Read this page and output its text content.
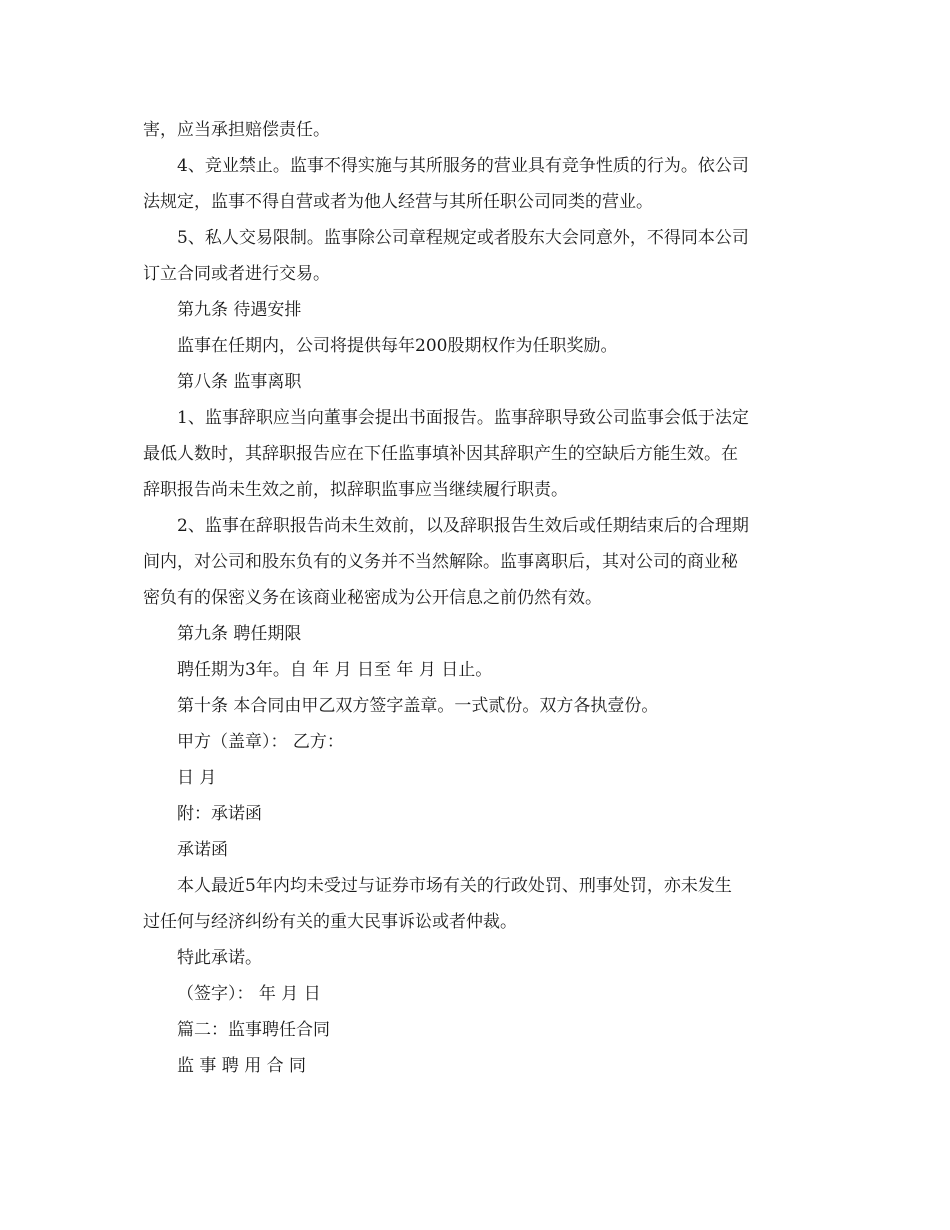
害，应当承担赔偿责任。
4、竞业禁止。监事不得实施与其所服务的营业具有竞争性质的行为。依公司
法规定，监事不得自营或者为他人经营与其所任职公司同类的营业。
5、私人交易限制。监事除公司章程规定或者股东大会同意外，不得同本公司
订立合同或者进行交易。
第九条 待遇安排
监事在任期内，公司将提供每年200股期权作为任职奖励。
第八条 监事离职
1、监事辞职应当向董事会提出书面报告。监事辞职导致公司监事会低于法定
最低人数时，其辞职报告应在下任监事填补因其辞职产生的空缺后方能生效。在
辞职报告尚未生效之前，拟辞职监事应当继续履行职责。
2、监事在辞职报告尚未生效前，以及辞职报告生效后或任期结束后的合理期
间内，对公司和股东负有的义务并不当然解除。监事离职后，其对公司的商业秘
密负有的保密义务在该商业秘密成为公开信息之前仍然有效。
第九条 聘任期限
聘任期为3年。自 年 月 日至 年 月 日止。
第十条 本合同由甲乙双方签字盖章。一式贰份。双方各执壹份。
甲方（盖章）： 乙方：
日 月
附：承诺函
承诺函
本人最近5年内均未受过与证券市场有关的行政处罚、刑事处罚，亦未发生
过任何与经济纠纷有关的重大民事诉讼或者仲裁。
特此承诺。
（签字）： 年 月 日
篇二：监事聘任合同
监 事 聘 用 合 同
